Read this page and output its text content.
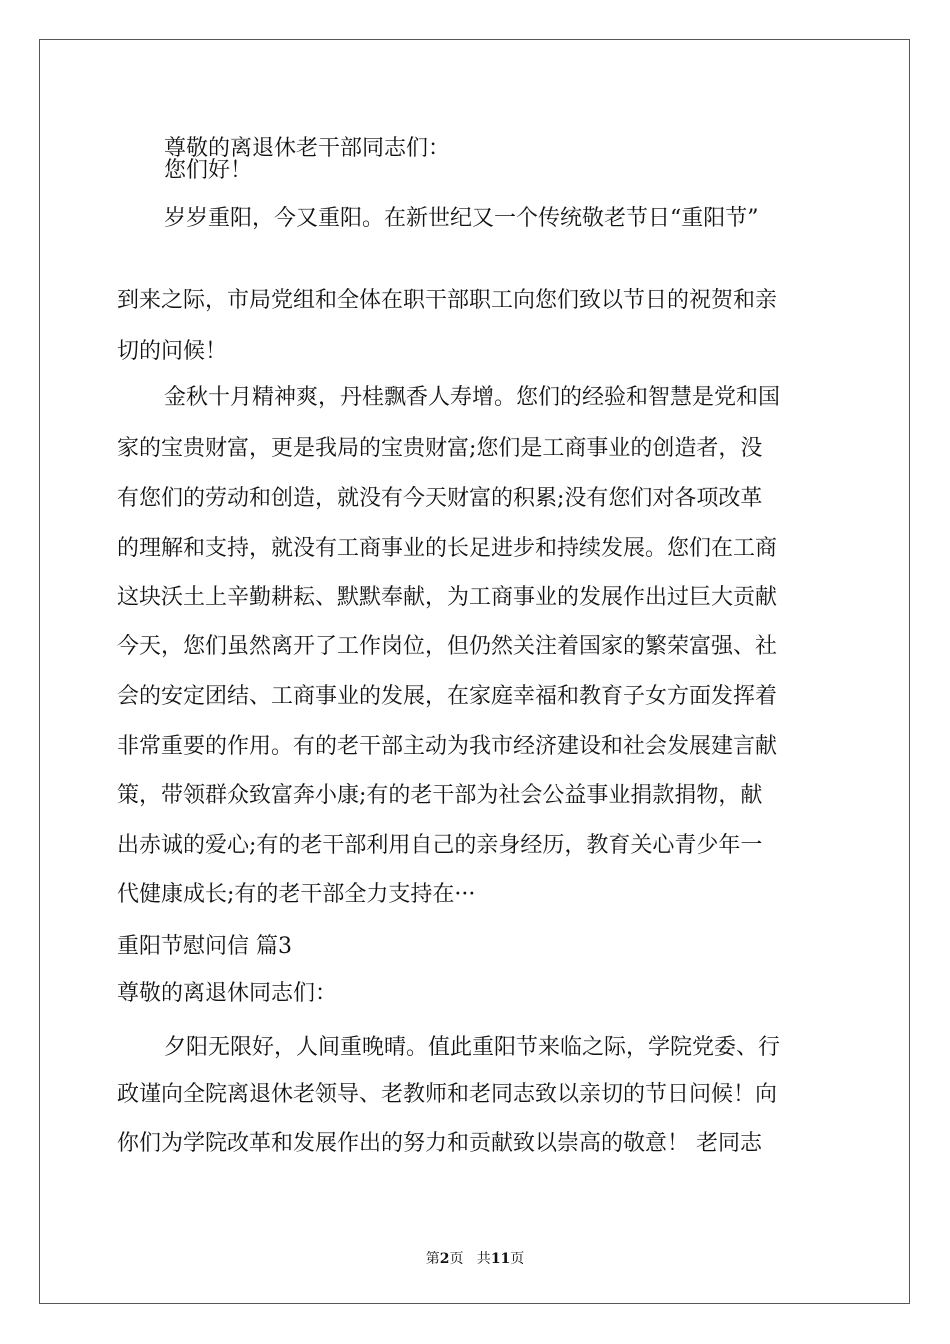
尊敬的离退休老干部同志们：

您们好！

岁岁重阳，今又重阳。在新世纪又一个传统敬老节日“重阳节”

到来之际，市局党组和全体在职干部职工向您们致以节日的祝贺和亲

切的问候！

金秋十月精神爽，丹桂飘香人寿增。您们的经验和智慧是党和国

家的宝贵财富，更是我局的宝贵财富;您们是工商事业的创造者，没

有您们的劳动和创造，就没有今天财富的积累;没有您们对各项改革

的理解和支持，就没有工商事业的长足进步和持续发展。您们在工商

这块沃土上辛勤耕耘、默默奉献，为工商事业的发展作出过巨大贡献

今天，您们虽然离开了工作岗位，但仍然关注着国家的繁荣富强、社

会的安定团结、工商事业的发展，在家庭幸福和教育子女方面发挥着

非常重要的作用。有的老干部主动为我市经济建设和社会发展建言献

策，带领群众致富奔小康;有的老干部为社会公益事业捐款捐物，献

出赤诚的爱心;有的老干部利用自己的亲身经历，教育关心青少年一

代健康成长;有的老干部全力支持在···

重阳节慰问信 篇3

尊敬的离退休同志们：

夕阳无限好，人间重晚晴。值此重阳节来临之际，学院党委、行

政谨向全院离退休老领导、老教师和老同志致以亲切的节日问候！向

你们为学院改革和发展作出的努力和贡献致以崇高的敬意！ 老同志

第2页   共11页
